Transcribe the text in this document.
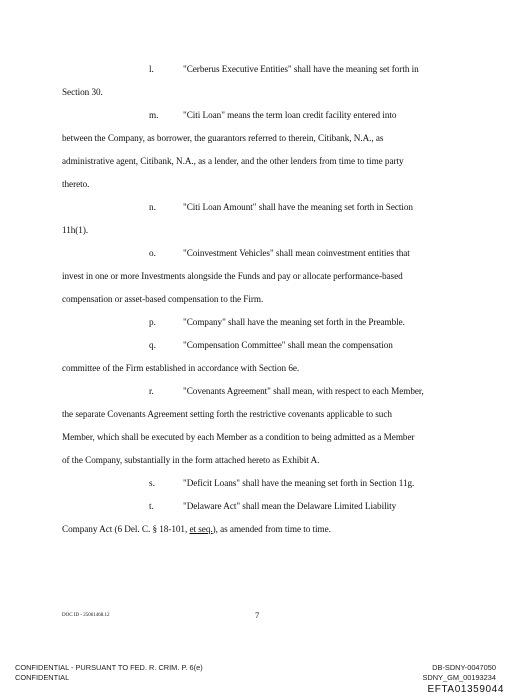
l.	"Cerberus Executive Entities" shall have the meaning set forth in
Section 30.
m.	"Citi Loan" means the term loan credit facility entered into
between the Company, as borrower, the guarantors referred to therein, Citibank, N.A., as
administrative agent, Citibank, N.A., as a lender, and the other lenders from time to time party
thereto.
n.	"Citi Loan Amount" shall have the meaning set forth in Section
11h(1).
o.	"Coinvestment Vehicles" shall mean coinvestment entities that
invest in one or more Investments alongside the Funds and pay or allocate performance-based
compensation or asset-based compensation to the Firm.
p.	"Company" shall have the meaning set forth in the Preamble.
q.	"Compensation Committee" shall mean the compensation
committee of the Firm established in accordance with Section 6e.
r.	"Covenants Agreement" shall mean, with respect to each Member,
the separate Covenants Agreement setting forth the restrictive covenants applicable to such
Member, which shall be executed by each Member as a condition to being admitted as a Member
of the Company, substantially in the form attached hereto as Exhibit A.
s.	"Deficit Loans" shall have the meaning set forth in Section 11g.
t.	"Delaware Act" shall mean the Delaware Limited Liability
Company Act (6 Del. C. § 18-101, et seq.), as amended from time to time.
DOC ID - 25061468.12	7
CONFIDENTIAL - PURSUANT TO FED. R. CRIM. P. 6(e)
CONFIDENTIAL
DB-SDNY-0047050
SDNY_GM_00193234
EFTA01359044
